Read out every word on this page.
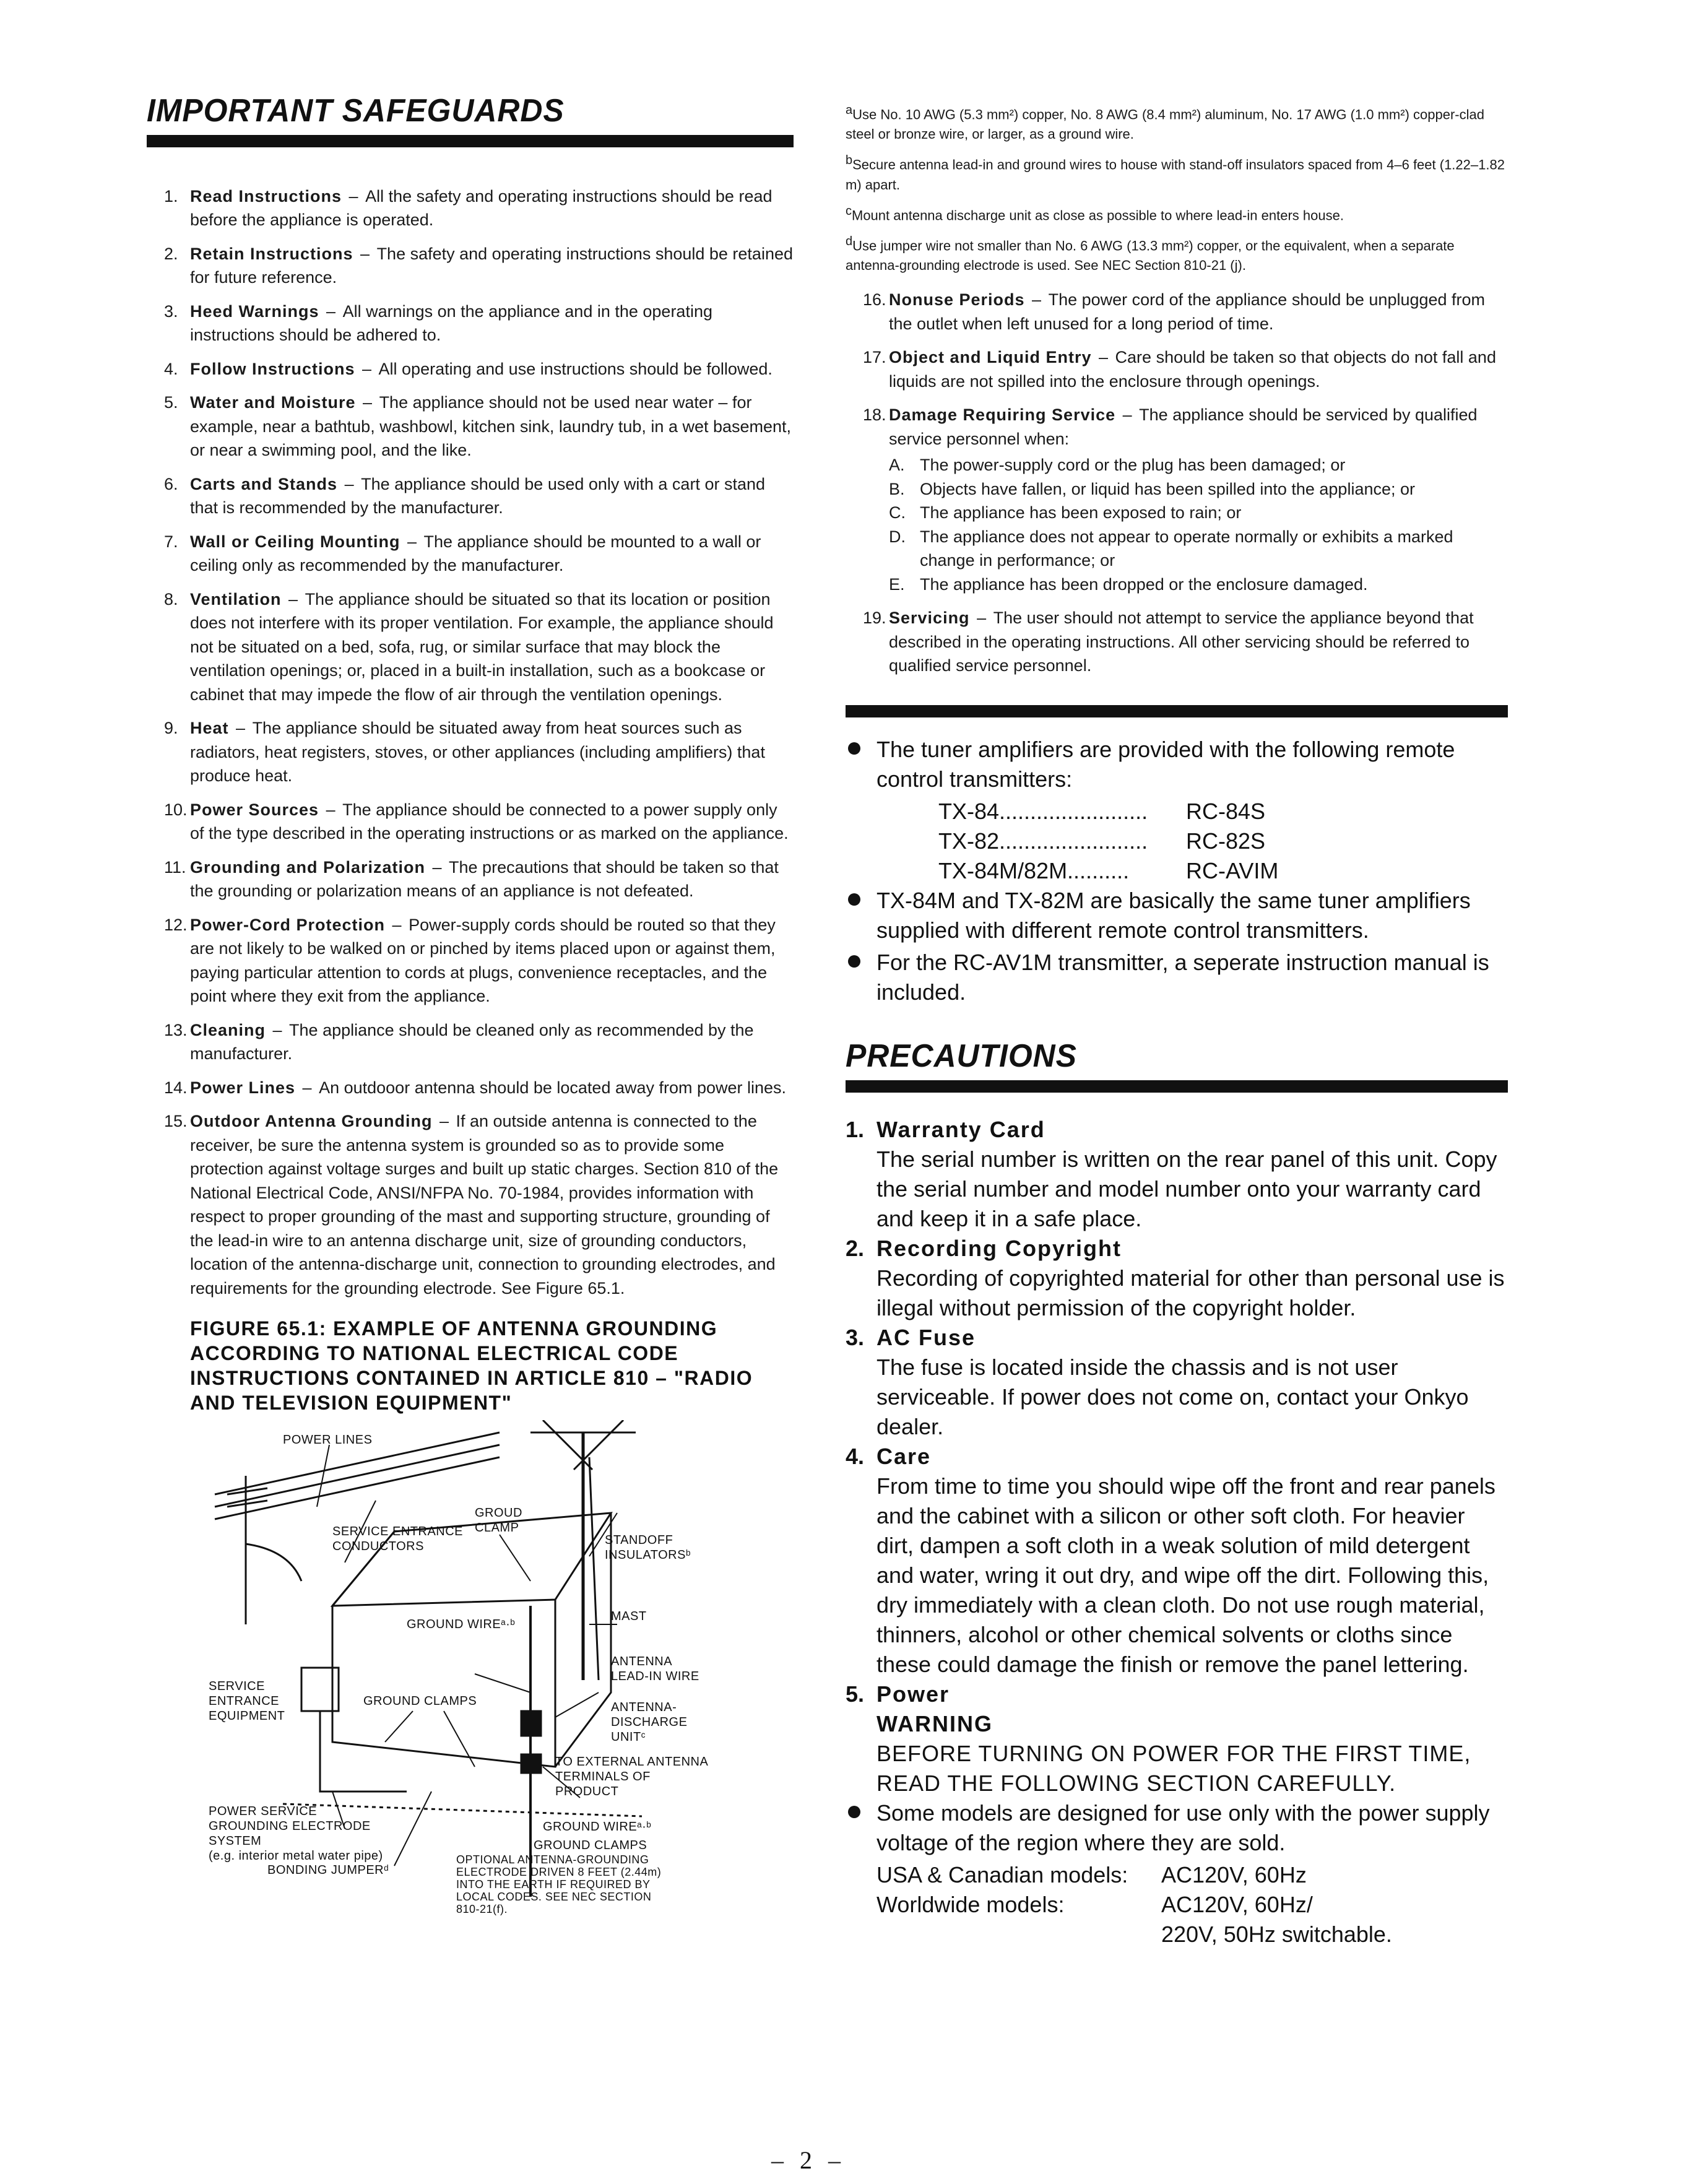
IMPORTANT SAFEGUARDS
1. Read Instructions – All the safety and operating instructions should be read before the appliance is operated.
2. Retain Instructions – The safety and operating instructions should be retained for future reference.
3. Heed Warnings – All warnings on the appliance and in the operating instructions should be adhered to.
4. Follow Instructions – All operating and use instructions should be followed.
5. Water and Moisture – The appliance should not be used near water – for example, near a bathtub, washbowl, kitchen sink, laundry tub, in a wet basement, or near a swimming pool, and the like.
6. Carts and Stands – The appliance should be used only with a cart or stand that is recommended by the manufacturer.
7. Wall or Ceiling Mounting – The appliance should be mounted to a wall or ceiling only as recommended by the manufacturer.
8. Ventilation – The appliance should be situated so that its location or position does not interfere with its proper ventilation. For example, the appliance should not be situated on a bed, sofa, rug, or similar surface that may block the ventilation openings; or, placed in a built-in installation, such as a bookcase or cabinet that may impede the flow of air through the ventilation openings.
9. Heat – The appliance should be situated away from heat sources such as radiators, heat registers, stoves, or other appliances (including amplifiers) that produce heat.
10. Power Sources – The appliance should be connected to a power supply only of the type described in the operating instructions or as marked on the appliance.
11. Grounding and Polarization – The precautions that should be taken so that the grounding or polarization means of an appliance is not defeated.
12. Power-Cord Protection – Power-supply cords should be routed so that they are not likely to be walked on or pinched by items placed upon or against them, paying particular attention to cords at plugs, convenience receptacles, and the point where they exit from the appliance.
13. Cleaning – The appliance should be cleaned only as recommended by the manufacturer.
14. Power Lines – An outdooor antenna should be located away from power lines.
15. Outdoor Antenna Grounding – If an outside antenna is connected to the receiver, be sure the antenna system is grounded so as to provide some protection against voltage surges and built up static charges. Section 810 of the National Electrical Code, ANSI/NFPA No. 70-1984, provides information with respect to proper grounding of the mast and supporting structure, grounding of the lead-in wire to an antenna discharge unit, size of grounding conductors, location of the antenna-discharge unit, connection to grounding electrodes, and requirements for the grounding electrode. See Figure 65.1.
FIGURE 65.1: EXAMPLE OF ANTENNA GROUNDING ACCORDING TO NATIONAL ELECTRICAL CODE INSTRUCTIONS CONTAINED IN ARTICLE 810 – "RADIO AND TELEVISION EQUIPMENT"
POWER LINES
SERVICE ENTRANCE
CONDUCTORS
GROUD
CLAMP
STANDOFF
INSULATORSᵇ
MAST
GROUND WIREᵃ·ᵇ
ANTENNA
LEAD-IN WIRE
SERVICE
ENTRANCE
EQUIPMENT
GROUND CLAMPS	ANTENNA-
DISCHARGE
UNITᶜ
TO EXTERNAL ANTENNA
TERMINALS OF
PRODUCT
POWER SERVICE
GROUNDING ELECTRODE
SYSTEM
(e.g. interior metal water pipe)
GROUND WIREᵃ·ᵇ
GROUND CLAMPS
BONDING JUMPERᵈ
OPTIONAL ANTENNA-GROUNDING
ELECTRODE DRIVEN 8 FEET (2.44m)
INTO THE EARTH IF REQUIRED BY
LOCAL CODES. SEE NEC SECTION
810-21(f).
$^a$Use No. 10 AWG (5.3 mm²) copper, No. 8 AWG (8.4 mm²) aluminum, No. 17 AWG (1.0 mm²) copper-clad steel or bronze wire, or larger, as a ground wire.
$^b$Secure antenna lead-in and ground wires to house with stand-off insulators spaced from 4–6 feet (1.22–1.82 m) apart.
$^c$Mount antenna discharge unit as close as possible to where lead-in enters house.
$^d$Use jumper wire not smaller than No. 6 AWG (13.3 mm²) copper, or the equivalent, when a separate antenna-grounding electrode is used. See NEC Section 810-21 (j).
16. Nonuse Periods – The power cord of the appliance should be unplugged from the outlet when left unused for a long period of time.
17. Object and Liquid Entry – Care should be taken so that objects do not fall and liquids are not spilled into the enclosure through openings.
18. Damage Requiring Service – The appliance should be serviced by qualified service personnel when:
A. The power-supply cord or the plug has been damaged; or
B. Objects have fallen, or liquid has been spilled into the appliance; or
C. The appliance has been exposed to rain; or
D. The appliance does not appear to operate normally or exhibits a marked change in performance; or
E. The appliance has been dropped or the enclosure damaged.
19. Servicing – The user should not attempt to service the appliance beyond that described in the operating instructions. All other servicing should be referred to qualified service personnel.
The tuner amplifiers are provided with the following remote control transmitters:
TX-84........................	RC-84S
TX-82........................	RC-82S
TX-84M/82M..........	RC-AVIM
TX-84M and TX-82M are basically the same tuner amplifiers supplied with different remote control transmitters.
For the RC-AV1M transmitter, a seperate instruction manual is included.
PRECAUTIONS
1. Warranty Card
The serial number is written on the rear panel of this unit. Copy the serial number and model number onto your warranty card and keep it in a safe place.
2. Recording Copyright
Recording of copyrighted material for other than personal use is illegal without permission of the copyright holder.
3. AC Fuse
The fuse is located inside the chassis and is not user serviceable. If power does not come on, contact your Onkyo dealer.
4. Care
From time to time you should wipe off the front and rear panels and the cabinet with a silicon or other soft cloth. For heavier dirt, dampen a soft cloth in a weak solution of mild detergent and water, wring it out dry, and wipe off the dirt. Following this, dry immediately with a clean cloth. Do not use rough material, thinners, alcohol or other chemical solvents or cloths since these could damage the finish or remove the panel lettering.
5. Power
WARNING
BEFORE TURNING ON POWER FOR THE FIRST TIME, READ THE FOLLOWING SECTION CAREFULLY.
Some models are designed for use only with the power supply voltage of the region where they are sold.
USA & Canadian models:	AC120V, 60Hz
Worldwide models:	AC120V, 60Hz/
220V, 50Hz switchable.
– 2 –
